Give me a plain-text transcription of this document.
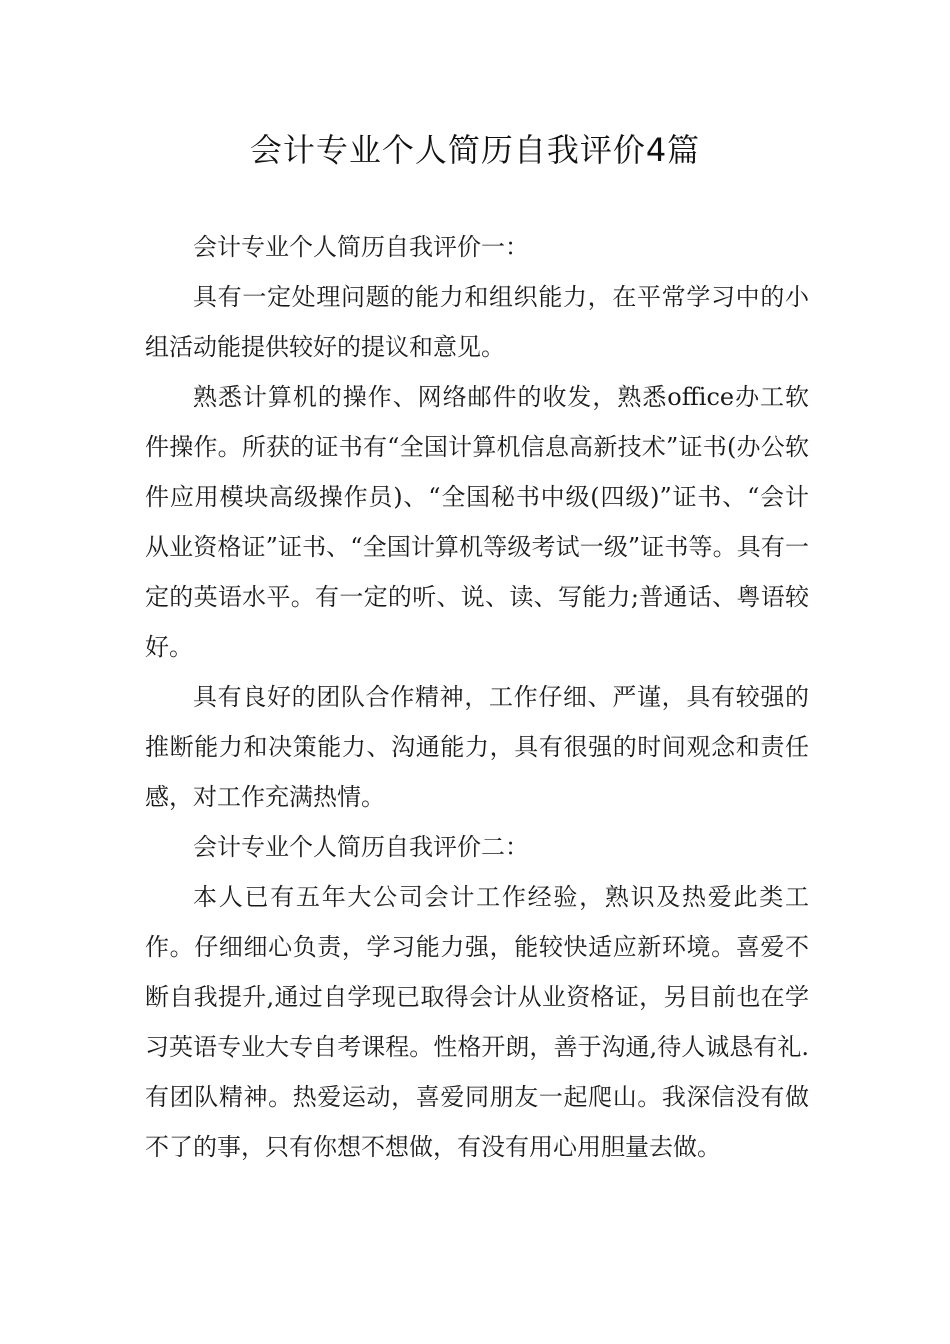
会计专业个人简历自我评价4篇

会计专业个人简历自我评价一：

具有一定处理问题的能力和组织能力，在平常学习中的小组活动能提供较好的提议和意见。

熟悉计算机的操作、网络邮件的收发，熟悉office办工软件操作。所获的证书有“全国计算机信息高新技术”证书(办公软件应用模块高级操作员)、“全国秘书中级(四级)”证书、“会计从业资格证”证书、“全国计算机等级考试一级”证书等。具有一定的英语水平。有一定的听、说、读、写能力;普通话、粤语较好。

具有良好的团队合作精神，工作仔细、严谨，具有较强的推断能力和决策能力、沟通能力，具有很强的时间观念和责任感，对工作充满热情。

会计专业个人简历自我评价二：

本人已有五年大公司会计工作经验，熟识及热爱此类工作。仔细细心负责，学习能力强，能较快适应新环境。喜爱不断自我提升,通过自学现已取得会计从业资格证，另目前也在学习英语专业大专自考课程。性格开朗，善于沟通,待人诚恳有礼.有团队精神。热爱运动，喜爱同朋友一起爬山。我深信没有做不了的事，只有你想不想做，有没有用心用胆量去做。
